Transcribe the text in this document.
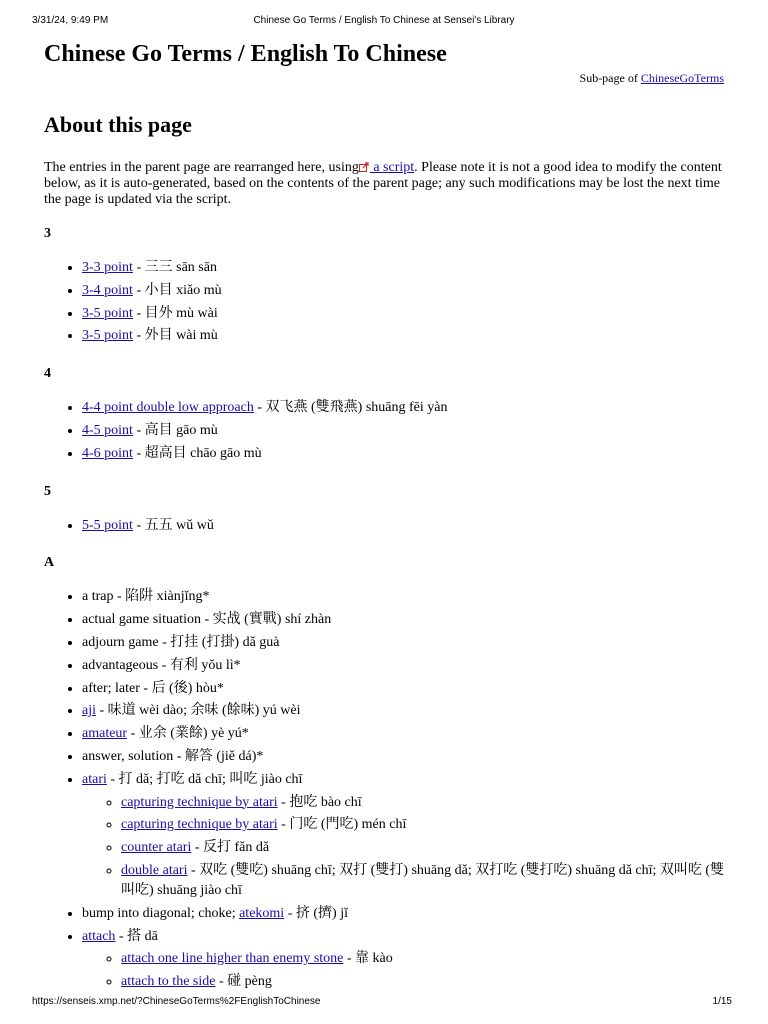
3/31/24, 9:49 PM	Chinese Go Terms / English To Chinese at Sensei's Library
Chinese Go Terms / English To Chinese

Sub-page of ChineseGoTerms

About this page

The entries in the parent page are rearranged here, using a script. Please note it is not a good idea to modify the content below, as it is auto-generated, based on the contents of the parent page; any such modifications may be lost the next time the page is updated via the script.

3
• 3-3 point - 三三 sān sān
• 3-4 point - 小目 xiǎo mù
• 3-5 point - 目外 mù wài
• 3-5 point - 外目 wài mù
4
• 4-4 point double low approach - 双飞燕 (雙飛燕) shuāng fēi yàn
• 4-5 point - 高目 gāo mù
• 4-6 point - 超高目 chāo gāo mù
5
• 5-5 point - 五五 wǔ wǔ
A
• a trap - 陷阱 xiànjǐng*
• actual game situation - 实战 (實戰) shí zhàn
• adjourn game - 打挂 (打掛) dǎ guà
• advantageous - 有利 yǒu lì*
• after; later - 后 (後) hòu*
• aji - 味道 wèi dào; 余味 (餘味) yú wèi
• amateur - 业余 (業餘) yè yú*
• answer, solution - 解答 (jiě dá)*
• atari - 打 dǎ; 打吃 dǎ chī; 叫吃 jiào chī
◦ capturing technique by atari - 抱吃 bào chī
◦ capturing technique by atari - 门吃 (門吃) mén chī
◦ counter atari - 反打 fǎn dǎ
◦ double atari - 双吃 (雙吃) shuāng chī; 双打 (雙打) shuāng dǎ; 双打吃 (雙打吃) shuāng dǎ chī; 双叫吃 (雙叫吃) shuāng jiào chī
• bump into diagonal; choke; atekomi - 挤 (擠) jǐ
• attach - 搭 dā
◦ attach one line higher than enemy stone - 靠 kào
◦ attach to the side - 碰 pèng
https://senseis.xmp.net/?ChineseGoTerms%2FEnglishToChinese	1/15
